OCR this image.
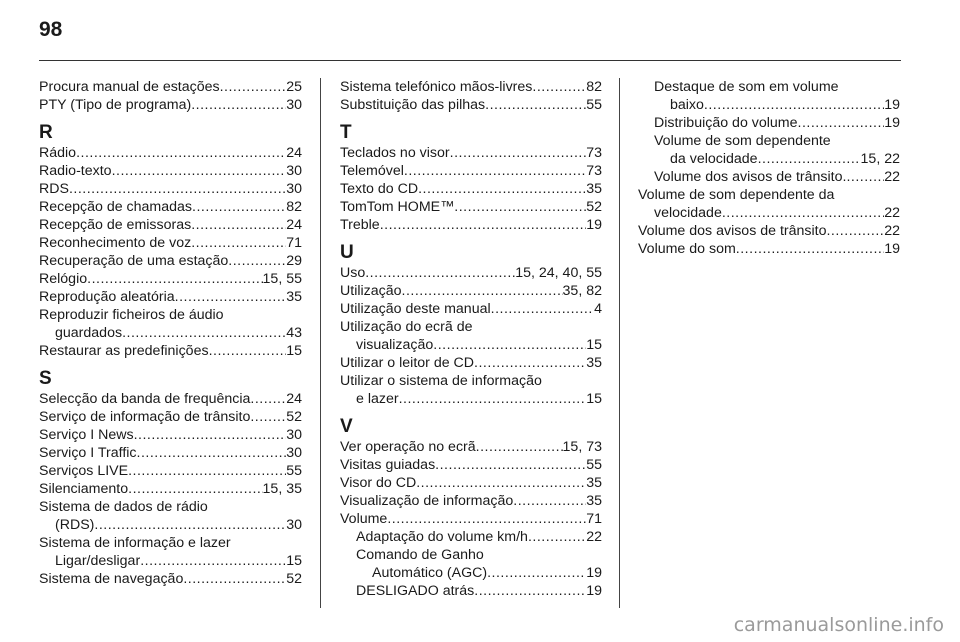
98
Procura manual de estações .....	25
PTY (Tipo de programa) .....	30
R
Rádio .....	24
Radio-texto .....	30
RDS .....	30
Recepção de chamadas .....	82
Recepção de emissoras .....	24
Reconhecimento de voz .....	71
Recuperação de uma estação .....	29
Relógio .....	15, 55
Reprodução aleatória .....	35
Reproduzir ficheiros de áudio
guardados .....	43
Restaurar as predefinições .....	15
S
Selecção da banda de frequência .....	24
Serviço de informação de trânsito .....	52
Serviço I News .....	30
Serviço I Traffic .....	30
Serviços LIVE .....	55
Silenciamento .....	15, 35
Sistema de dados de rádio
(RDS) .....	30
Sistema de informação e lazer
Ligar/desligar .....	15
Sistema de navegação .....	52
Sistema telefónico mãos-livres .....	82
Substituição das pilhas .....	55
T
Teclados no visor .....	73
Telemóvel .....	73
Texto do CD .....	35
TomTom HOME™ .....	52
Treble .....	19
U
Uso .....	15, 24, 40, 55
Utilização .....	35, 82
Utilização deste manual .....	4
Utilização do ecrã de
visualização .....	15
Utilizar o leitor de CD .....	35
Utilizar o sistema de informação
e lazer .....	15
V
Ver operação no ecrã .....	15, 73
Visitas guiadas .....	55
Visor do CD .....	35
Visualização de informação .....	35
Volume .....	71
Adaptação do volume km/h .....	22
Comando de Ganho
Automático (AGC) .....	19
DESLIGADO atrás .....	19
Destaque de som em volume
baixo .....	19
Distribuição do volume .....	19
Volume de som dependente
da velocidade .....	15, 22
Volume dos avisos de trânsito. .....	22
Volume de som dependente da
velocidade .....	22
Volume dos avisos de trânsito .....	22
Volume do som .....	19
carmanualsonline.info
